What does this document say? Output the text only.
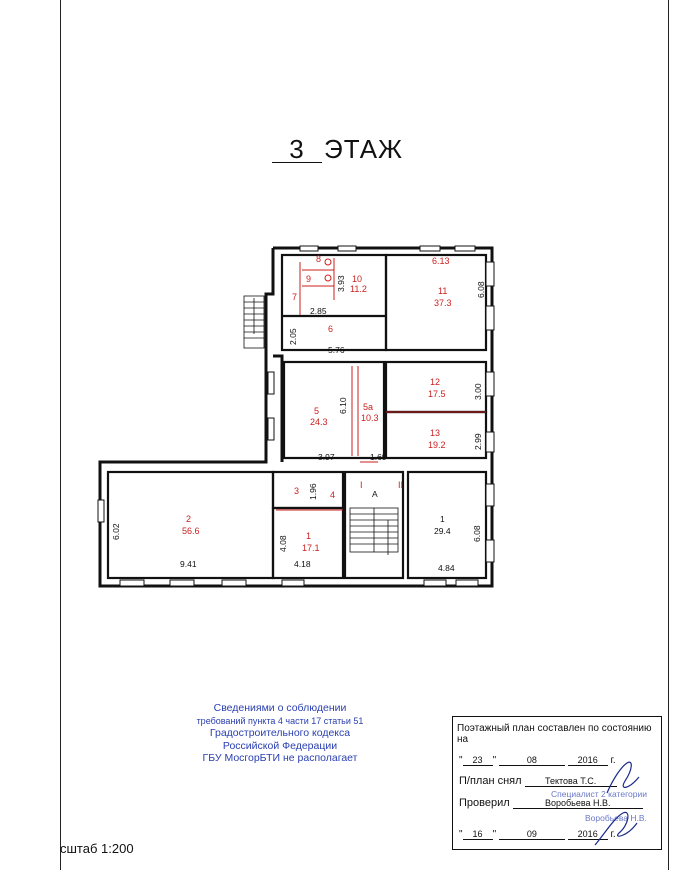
3 ЭТАЖ
8
9	10
11.2	11
37.3
7
6
5
24.3
5а
10.3
12
17.5
13
19.2
2
56.6
3	4
1
17.1
1
29.4
6.13
6.08
3.93
2.85
2.05
5.76
6.10
3.00
2.99
3.97	1.69
1.96
6.02
9.41
4.08
4.18
6.08
4.84
А
I	II
Сведениями о соблюдении
требований пункта 4 части 17 статьи 51
Градостроительного кодекса
Российской Федерации
ГБУ МосгорБТИ не располагает
Поэтажный план составлен по состоянию на
" 23 "	08	2016 г.
П/план снял	Тектова Т.С.
Проверил	Воробьева Н.В.
Специалист 2 категории
Воробьева Н.В.
" 16 "	09	2016 г.
сштаб 1:200
